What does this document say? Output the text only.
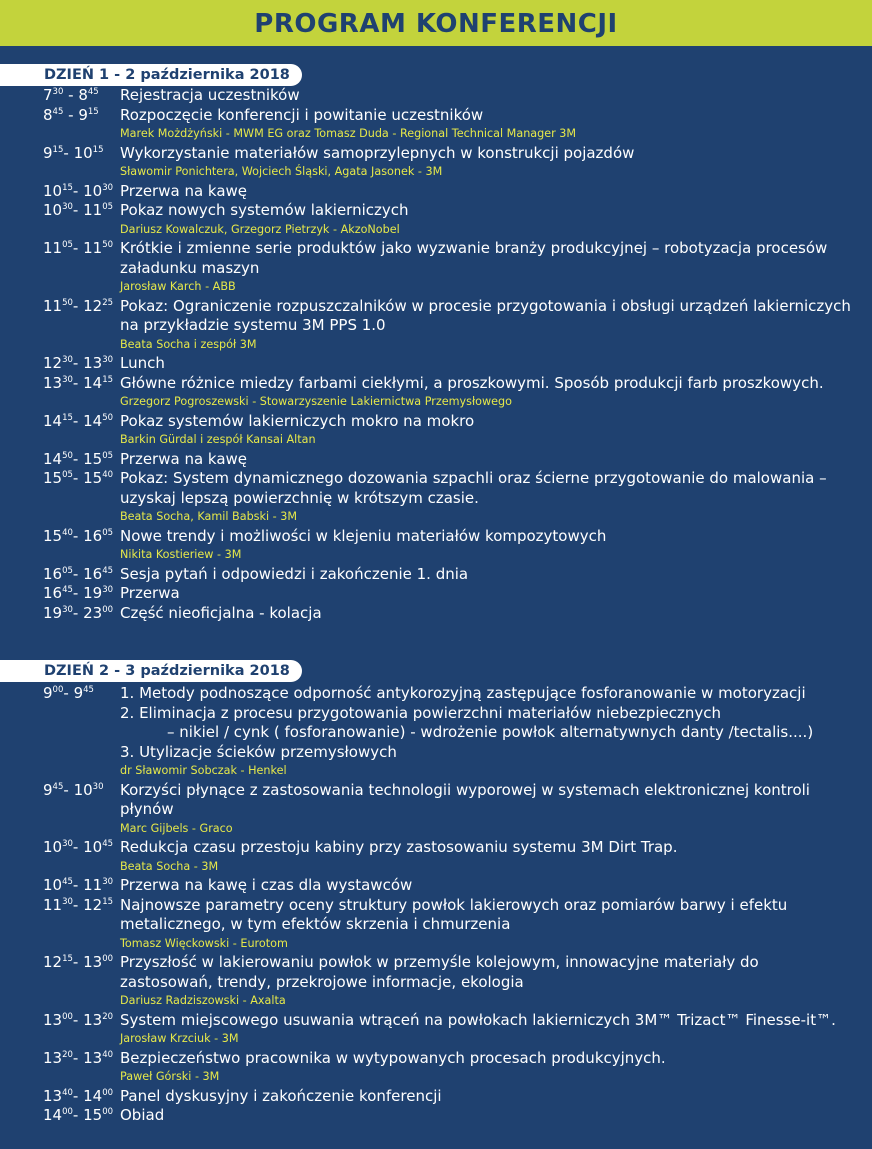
PROGRAM KONFERENCJI
DZIEŃ 1 - 2 października 2018
$7^{30} - 8^{45}$ Rejestracja uczestników
$8^{45} - 9^{15}$ Rozpoczęcie konferencji i powitanie uczestników
Marek Możdżyński - MWM EG oraz Tomasz Duda - Regional Technical Manager 3M
$9^{15}-$ $10^{15}$ Wykorzystanie materiałów samoprzylepnych w konstrukcji pojazdów
Sławomir Ponichtera, Wojciech Śląski, Agata Jasonek - 3M
$10^{15}-$ $10^{30}$ Przerwa na kawę
$10^{30}-$ $11^{05}$ Pokaz nowych systemów lakierniczych
Dariusz Kowalczuk, Grzegorz Pietrzyk - AkzoNobel
$11^{05}-$ $11^{50}$ Krótkie i zmienne serie produktów jako wyzwanie branży produkcyjnej – robotyzacja procesów załadunku maszyn
Jarosław Karch - ABB
$11^{50}-$ $12^{25}$ Pokaz: Ograniczenie rozpuszczalników w procesie przygotowania i obsługi urządzeń lakierniczych na przykładzie systemu 3M PPS 1.0
Beata Socha i zespół 3M
$12^{30}-$ $13^{30}$ Lunch
$13^{30}-$ $14^{15}$ Główne różnice miedzy farbami ciekłymi, a proszkowymi. Sposób produkcji farb proszkowych.
Grzegorz Pogroszewski - Stowarzyszenie Lakiernictwa Przemysłowego
$14^{15}-$ $14^{50}$ Pokaz systemów lakierniczych mokro na mokro
Barkin Gürdal i zespół Kansai Altan
$14^{50}-$ $15^{05}$ Przerwa na kawę
$15^{05}-$ $15^{40}$ Pokaz: System dynamicznego dozowania szpachli oraz ścierne przygotowanie do malowania – uzyskaj lepszą powierzchnię w krótszym czasie.
Beata Socha, Kamil Babski - 3M
$15^{40}-$ $16^{05}$ Nowe trendy i możliwości w klejeniu materiałów kompozytowych
Nikita Kostieriew - 3M
$16^{05}-$ $16^{45}$ Sesja pytań i odpowiedzi i zakończenie 1. dnia
$16^{45}-$ $19^{30}$ Przerwa
$19^{30}-$ $23^{00}$ Część nieoficjalna - kolacja
DZIEŃ 2 - 3 października 2018
$9^{00}-$ $9^{45}$ 1. Metody podnoszące odporność antykorozyjną zastępujące fosforanowanie w motoryzacji
2. Eliminacja z procesu przygotowania powierzchni materiałów niebezpiecznych
– nikiel / cynk ( fosforanowanie) - wdrożenie powłok alternatywnych danty /tectalis....)
3. Utylizacje ścieków przemysłowych
dr Sławomir Sobczak - Henkel
$9^{45}-$ $10^{30}$ Korzyści płynące z zastosowania technologii wyporowej w systemach elektronicznej kontroli płynów
Marc Gijbels - Graco
$10^{30}-$ $10^{45}$ Redukcja czasu przestoju kabiny przy zastosowaniu systemu 3M Dirt Trap.
Beata Socha - 3M
$10^{45}-$ $11^{30}$ Przerwa na kawę i czas dla wystawców
$11^{30}-$ $12^{15}$ Najnowsze parametry oceny struktury powłok lakierowych oraz pomiarów barwy i efektu metalicznego, w tym efektów skrzenia i chmurzenia
Tomasz Więckowski - Eurotom
$12^{15}-$ $13^{00}$ Przyszłość w lakierowaniu powłok w przemyśle kolejowym, innowacyjne materiały do zastosowań, trendy, przekrojowe informacje, ekologia
Dariusz Radziszowski - Axalta
$13^{00}-$ $13^{20}$ System miejscowego usuwania wtrąceń na powłokach lakierniczych 3M™ Trizact™ Finesse-it™.
Jarosław Krzciuk - 3M
$13^{20}-$ $13^{40}$ Bezpieczeństwo pracownika w wytypowanych procesach produkcyjnych.
Paweł Górski - 3M
$13^{40}-$ $14^{00}$ Panel dyskusyjny i zakończenie konferencji
$14^{00}-$ $15^{00}$ Obiad
